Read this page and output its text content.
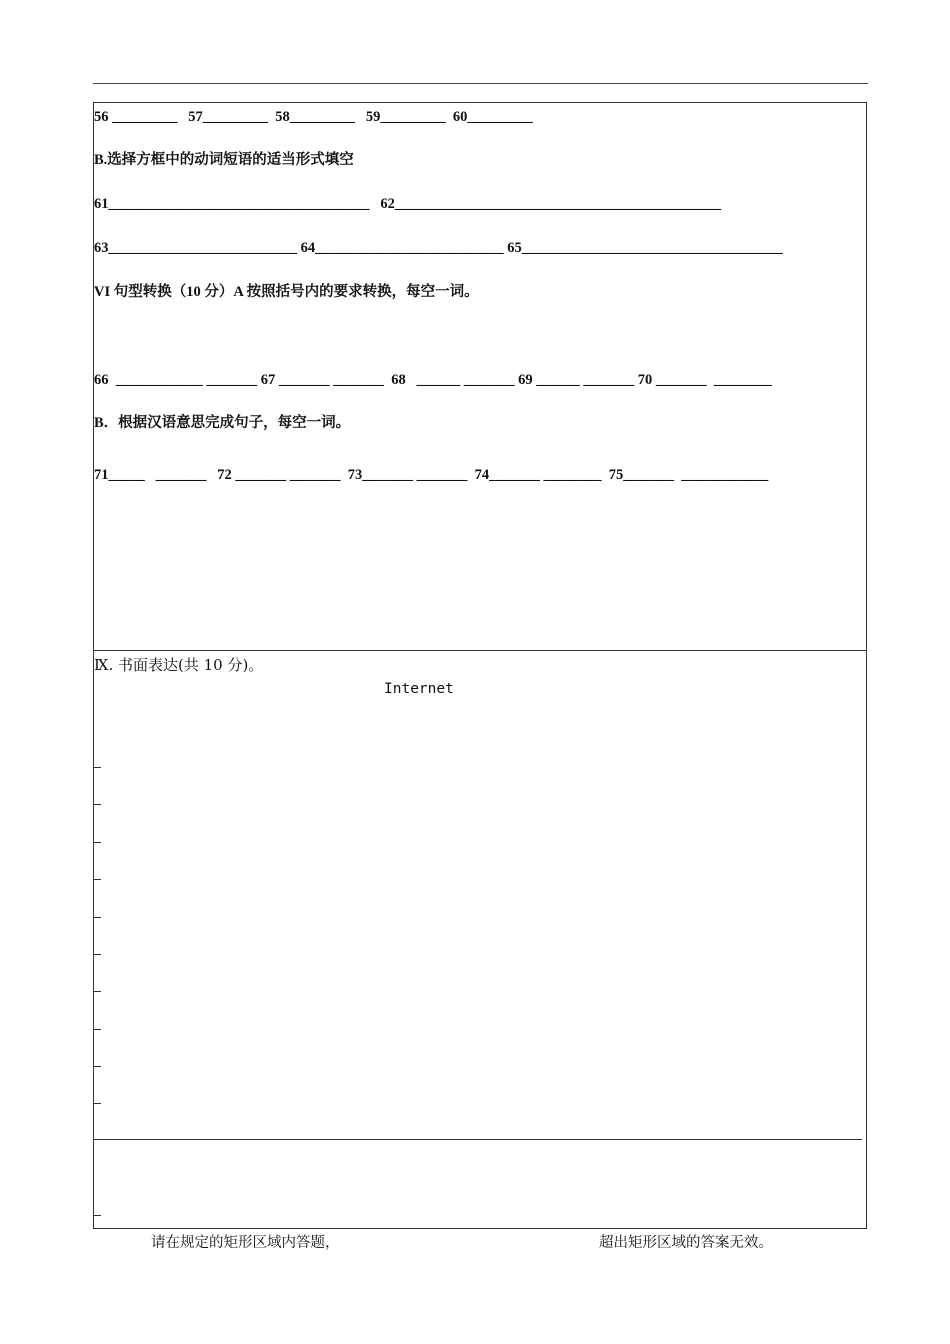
56 _________   57_________  58_________   59_________  60_________
B.选择方框中的动词短语的适当形式填空
61____________________________________   62_____________________________________________
63__________________________ 64__________________________ 65____________________________________
VI 句型转换（10 分）A 按照括号内的要求转换，每空一词。
66  ____________ _______ 67 _______ _______  68   ______ _______ 69 ______ _______ 70 _______  ________
B．根据汉语意思完成句子，每空一词。
71_____   _______   72 _______ _______  73_______ _______  74_______ ________  75_______  ____________
Ⅸ. 书面表达(共 10 分)。
Internet
请在规定的矩形区域内答题，	超出矩形区域的答案无效。
